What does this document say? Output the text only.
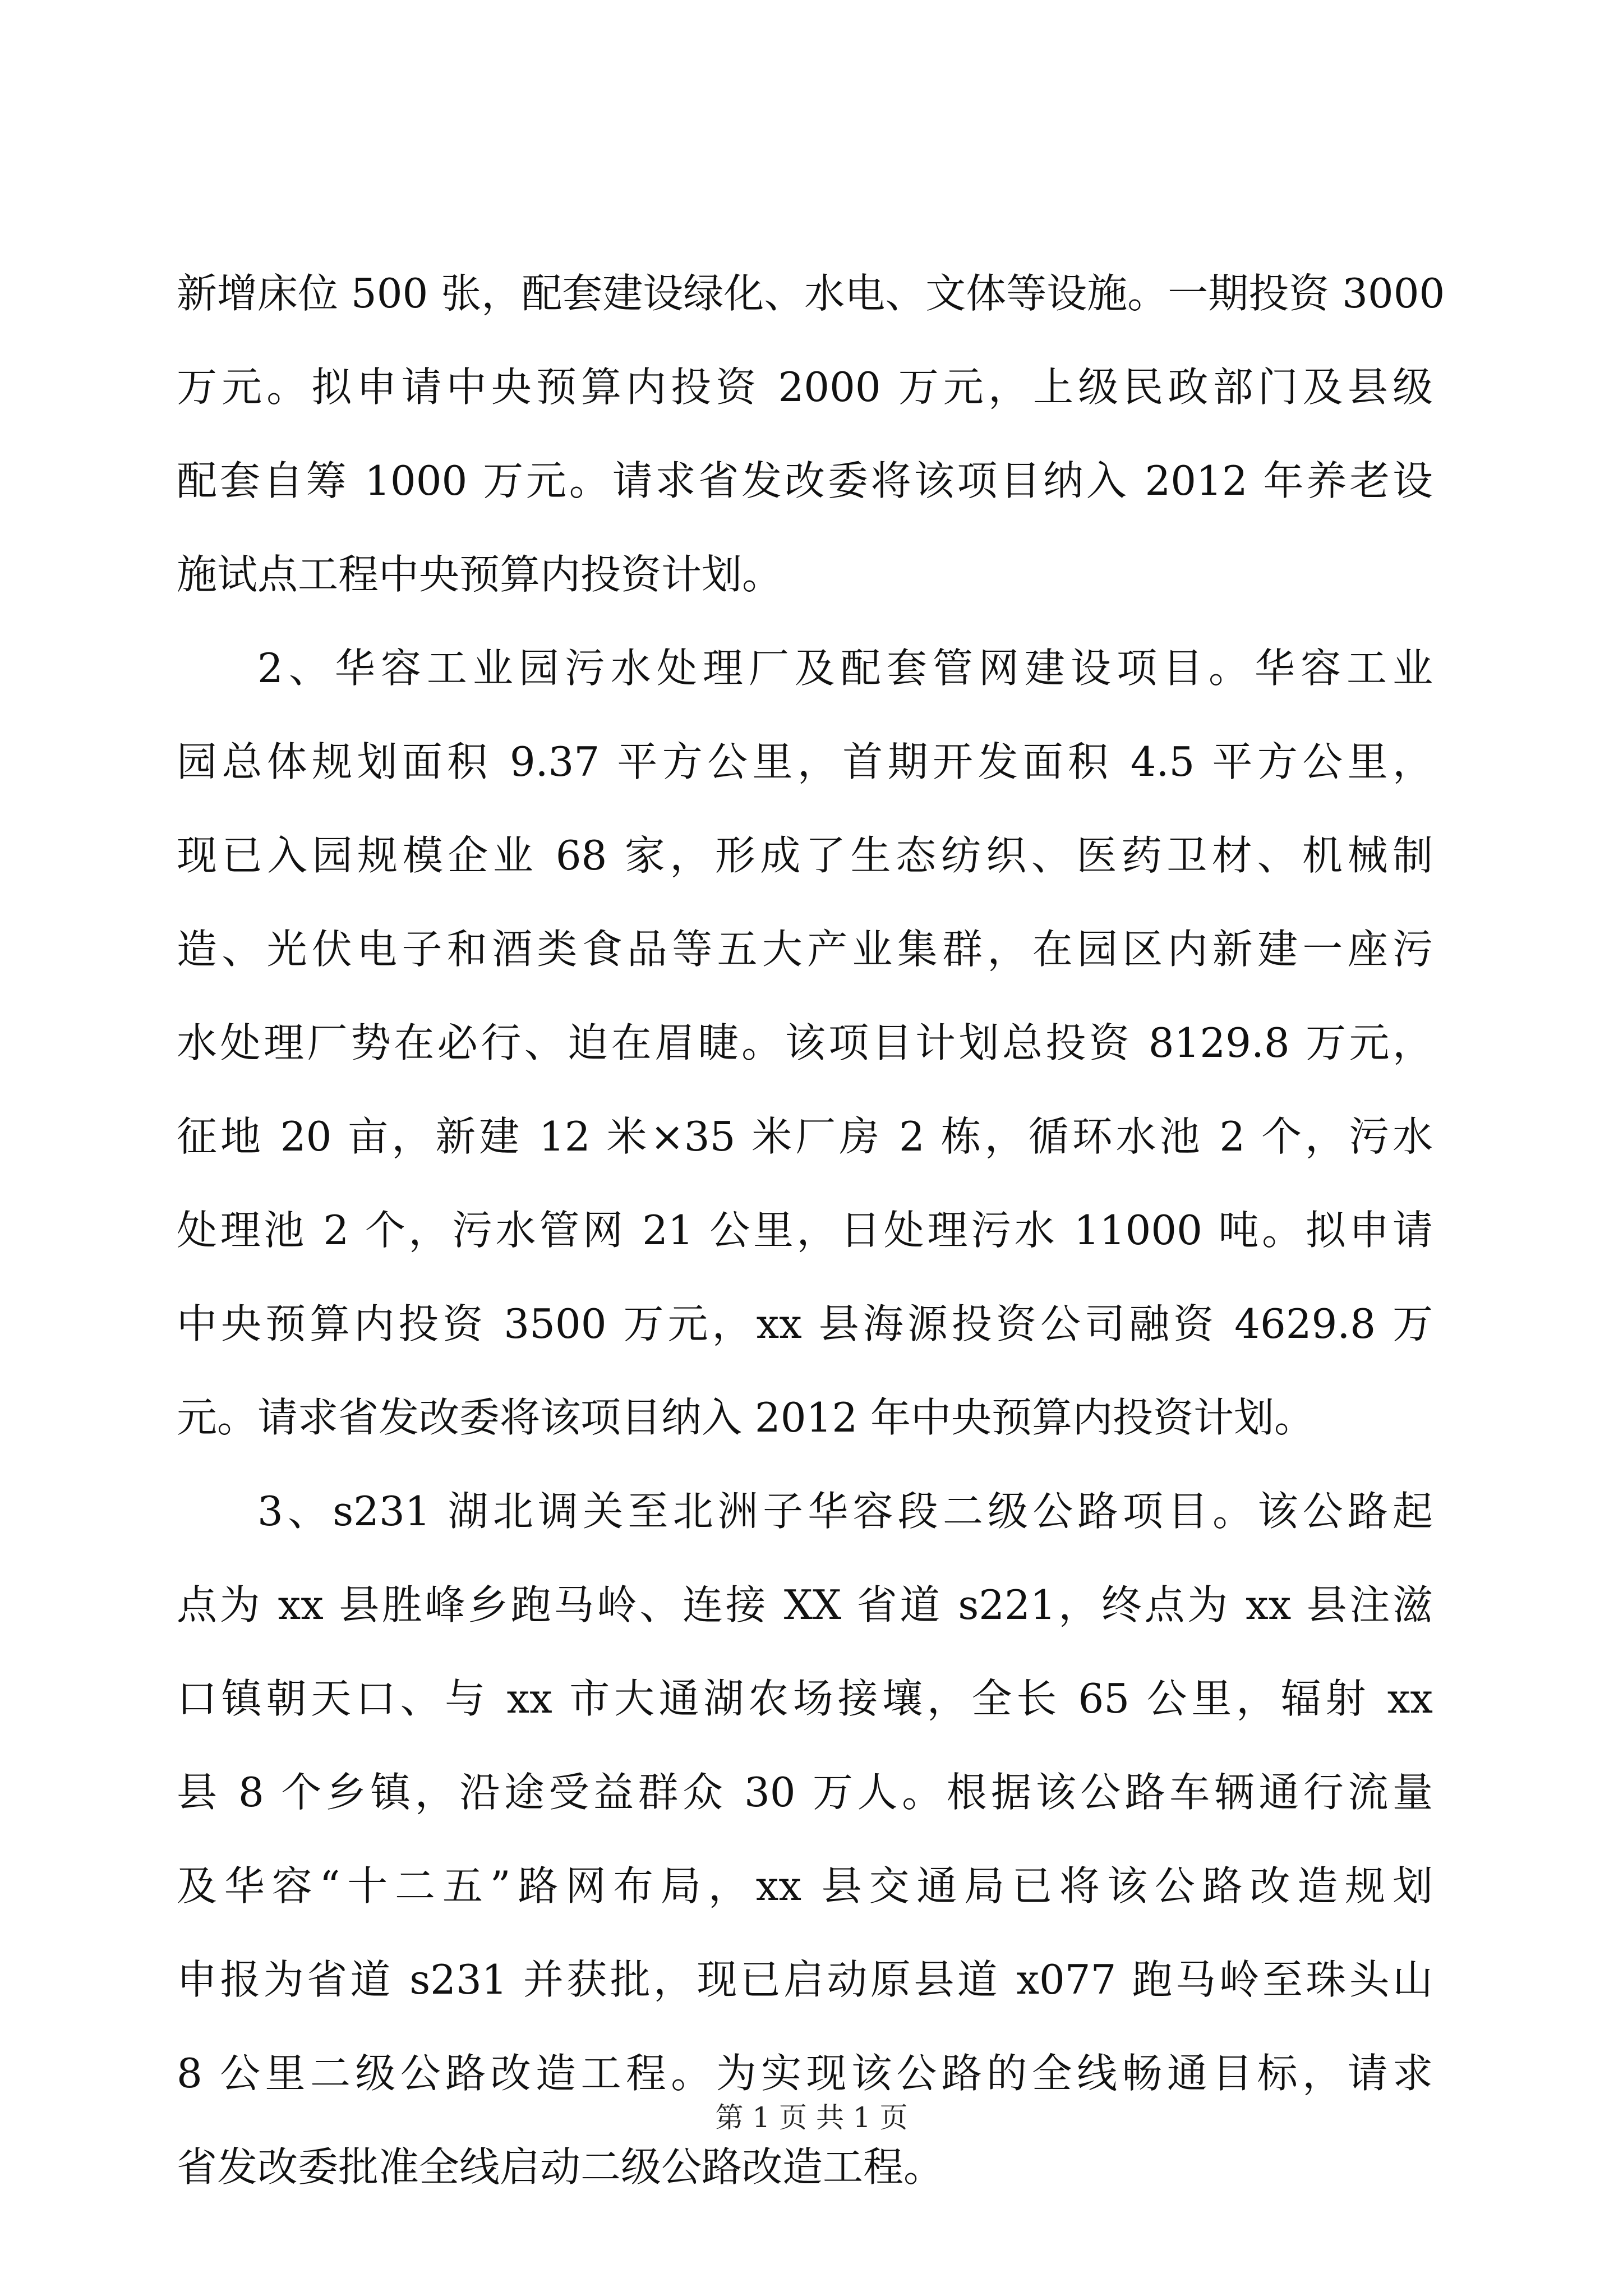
新增床位 500 张，配套建设绿化、水电、文体等设施。一期投资 3000
万元。拟申请中央预算内投资 2000 万元，上级民政部门及县级
配套自筹 1000 万元。请求省发改委将该项目纳入 2012 年养老设
施试点工程中央预算内投资计划。
2、华容工业园污水处理厂及配套管网建设项目。华容工业
园总体规划面积 9.37 平方公里，首期开发面积 4.5 平方公里，
现已入园规模企业 68 家，形成了生态纺织、医药卫材、机械制
造、光伏电子和酒类食品等五大产业集群，在园区内新建一座污
水处理厂势在必行、迫在眉睫。该项目计划总投资 8129.8 万元，
征地 20 亩，新建 12 米×35 米厂房 2 栋，循环水池 2 个，污水
处理池 2 个，污水管网 21 公里，日处理污水 11000 吨。拟申请
中央预算内投资 3500 万元，xx 县海源投资公司融资 4629.8 万
元。请求省发改委将该项目纳入 2012 年中央预算内投资计划。
3、s231 湖北调关至北洲子华容段二级公路项目。该公路起
点为 xx 县胜峰乡跑马岭、连接 XX 省道 s221，终点为 xx 县注滋
口镇朝天口、与 xx 市大通湖农场接壤，全长 65 公里，辐射 xx
县 8 个乡镇，沿途受益群众 30 万人。根据该公路车辆通行流量
及华容“十二五”路网布局，xx 县交通局已将该公路改造规划
申报为省道 s231 并获批，现已启动原县道 x077 跑马岭至珠头山
8 公里二级公路改造工程。为实现该公路的全线畅通目标，请求
省发改委批准全线启动二级公路改造工程。
第 1 页 共 1 页
